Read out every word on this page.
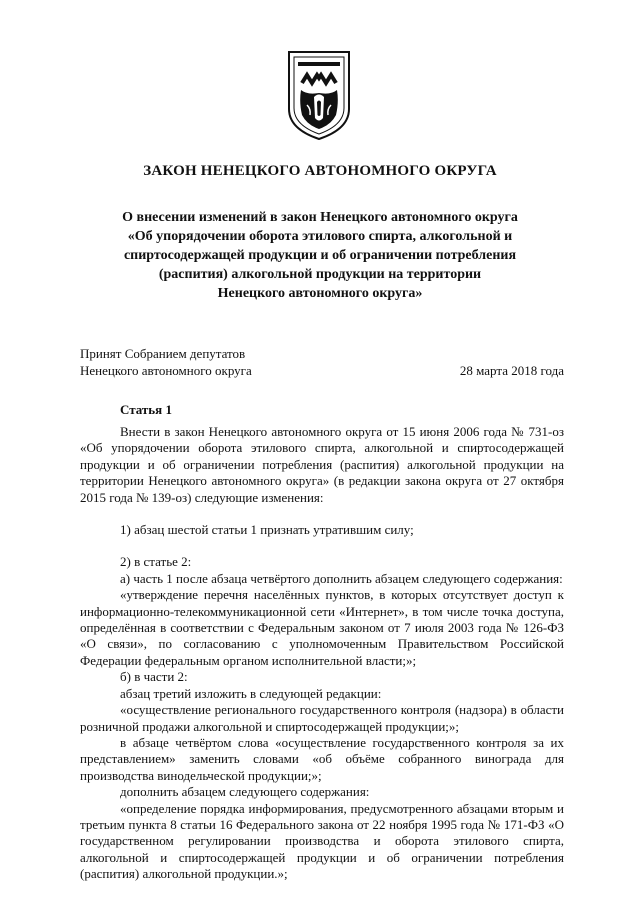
ЗАКОН НЕНЕЦКОГО АВТОНОМНОГО ОКРУГА
О внесении изменений в закон Ненецкого автономного округа
«Об упорядочении оборота этилового спирта, алкогольной и
спиртосодержащей продукции и об ограничении потребления
(распития) алкогольной продукции на территории
Ненецкого автономного округа»
Принят Собранием депутатов
Ненецкого автономного округа	28 марта 2018 года
Статья 1

Внести в закон Ненецкого автономного округа от 15 июня 2006 года № 731-оз «Об упорядочении оборота этилового спирта, алкогольной и спиртосодержащей продукции и об ограничении потребления (распития) алкогольной продукции на территории Ненецкого автономного округа» (в редакции закона округа от 27 октября 2015 года № 139-оз) следующие изменения:

1) абзац шестой статьи 1 признать утратившим силу;

2) в статье 2:

а) часть 1 после абзаца четвёртого дополнить абзацем следующего содержания:

«утверждение перечня населённых пунктов, в которых отсутствует доступ к информационно-телекоммуникационной сети «Интернет», в том числе точка доступа, определённая в соответствии с Федеральным законом от 7 июля 2003 года № 126-ФЗ «О связи», по согласованию с уполномоченным Правительством Российской Федерации федеральным органом исполнительной власти;»;

б) в части 2:

абзац третий изложить в следующей редакции:

«осуществление регионального государственного контроля (надзора) в области розничной продажи алкогольной и спиртосодержащей продукции;»;

в абзаце четвёртом слова «осуществление государственного контроля за их представлением» заменить словами «об объёме собранного винограда для производства винодельческой продукции;»;

дополнить абзацем следующего содержания:

«определение порядка информирования, предусмотренного абзацами вторым и третьим пункта 8 статьи 16 Федерального закона от 22 ноября 1995 года № 171-ФЗ «О государственном регулировании производства и оборота этилового спирта, алкогольной и спиртосодержащей продукции и об ограничении потребления (распития) алкогольной продукции.»;
